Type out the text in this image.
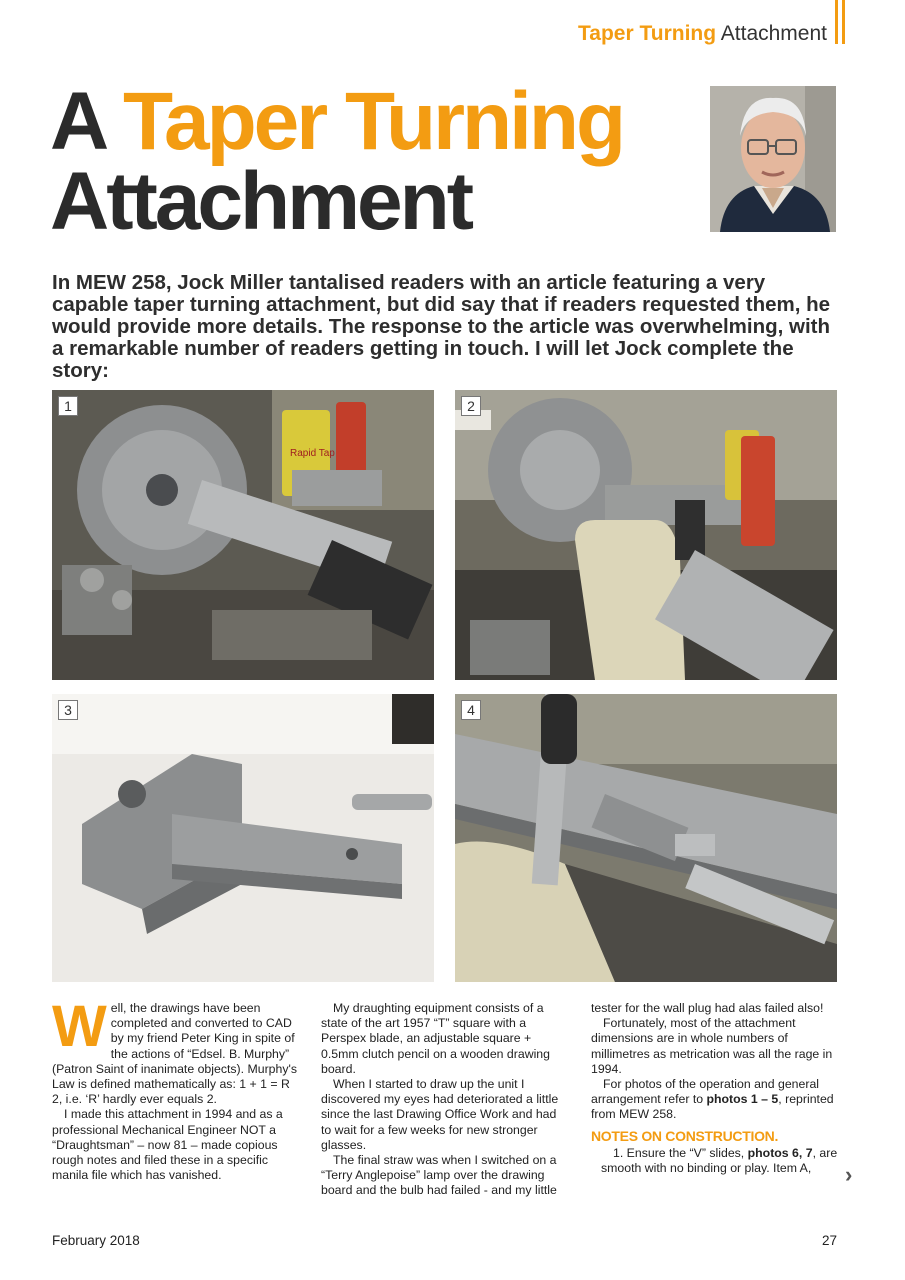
Taper Turning Attachment
A Taper Turning
Attachment
In MEW 258, Jock Miller tantalised readers with an article featuring a very capable taper turning attachment, but did say that if readers requested them, he would provide more details. The response to the article was overwhelming, with a remarkable number of readers getting in touch. I will let Jock complete the story:
Rapid Tap
1	2
3	4

Well, the drawings have been completed and converted to CAD by my friend Peter King in spite of the actions of “Edsel. B. Murphy” (Patron Saint of inanimate objects). Murphy's Law is defined mathematically as: 1 + 1 = R 2, i.e. ‘R’ hardly ever equals 2.

I made this attachment in 1994 and as a professional Mechanical Engineer NOT a “Draughtsman” – now 81 – made copious rough notes and filed these in a specific manila file which has vanished.

My draughting equipment consists of a state of the art 1957 “T” square with a Perspex blade, an adjustable square + 0.5mm clutch pencil on a wooden drawing board.

When I started to draw up the unit I discovered my eyes had deteriorated a little since the last Drawing Office Work and had to wait for a few weeks for new stronger glasses.

The final straw was when I switched on a “Terry Anglepoise” lamp over the drawing board and the bulb had failed - and my little

tester for the wall plug had alas failed also!

Fortunately, most of the attachment dimensions are in whole numbers of millimetres as metrication was all the rage in 1994.

For photos of the operation and general arrangement refer to photos 1 – 5, reprinted from MEW 258.

NOTES ON CONSTRUCTION.

1. Ensure the “V” slides, photos 6, 7, are smooth with no binding or play. Item A,	›
February 2018	27
